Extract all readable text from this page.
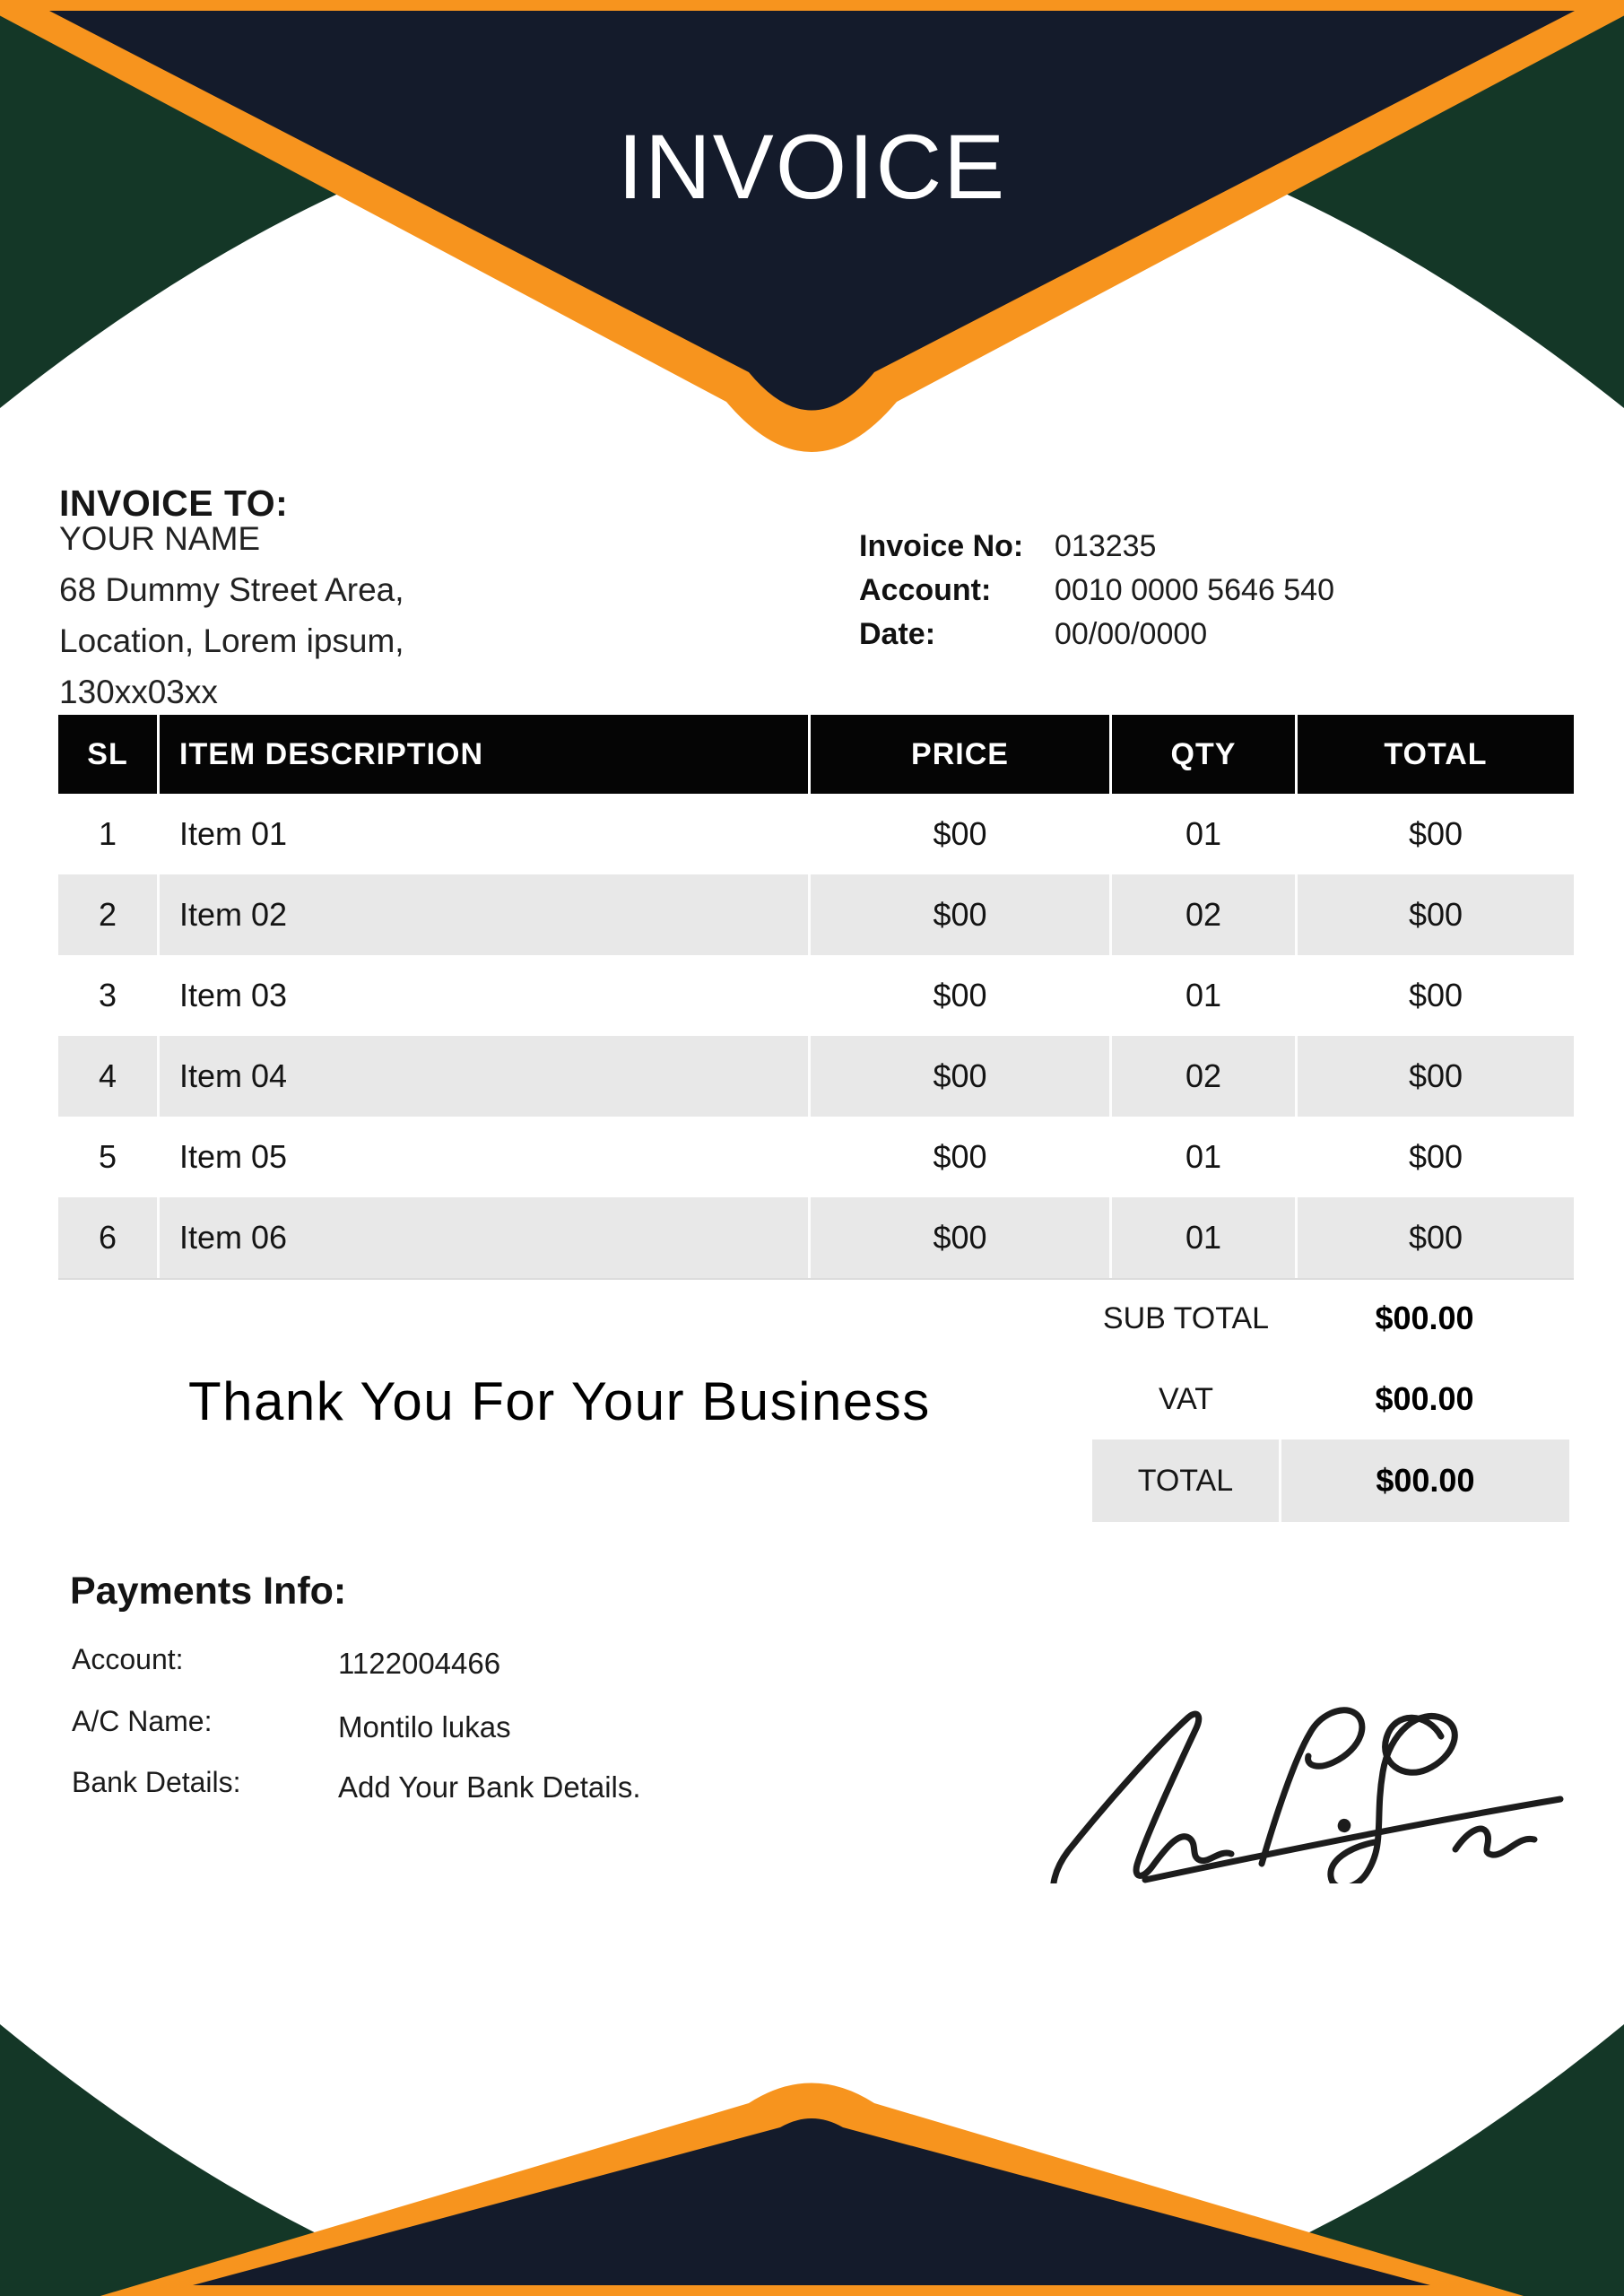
INVOICE
INVOICE TO:
YOUR NAME
68 Dummy Street Area,
Location, Lorem ipsum,
130xx03xx
Invoice No:	013235
Account:	0010 0000 5646 540
Date:	00/00/0000
SL	ITEM DESCRIPTION	PRICE	QTY	TOTAL
1	Item 01	$00	01	$00
2	Item 02	$00	02	$00
3	Item 03	$00	01	$00
4	Item 04	$00	02	$00
5	Item 05	$00	01	$00
6	Item 06	$00	01	$00
SUB TOTAL	$00.00
VAT	$00.00
TOTAL	$00.00
Thank You For Your Business
Payments Info:
Account:	1122004466
A/C Name:	Montilo lukas
Bank Details:	Add Your Bank Details.
